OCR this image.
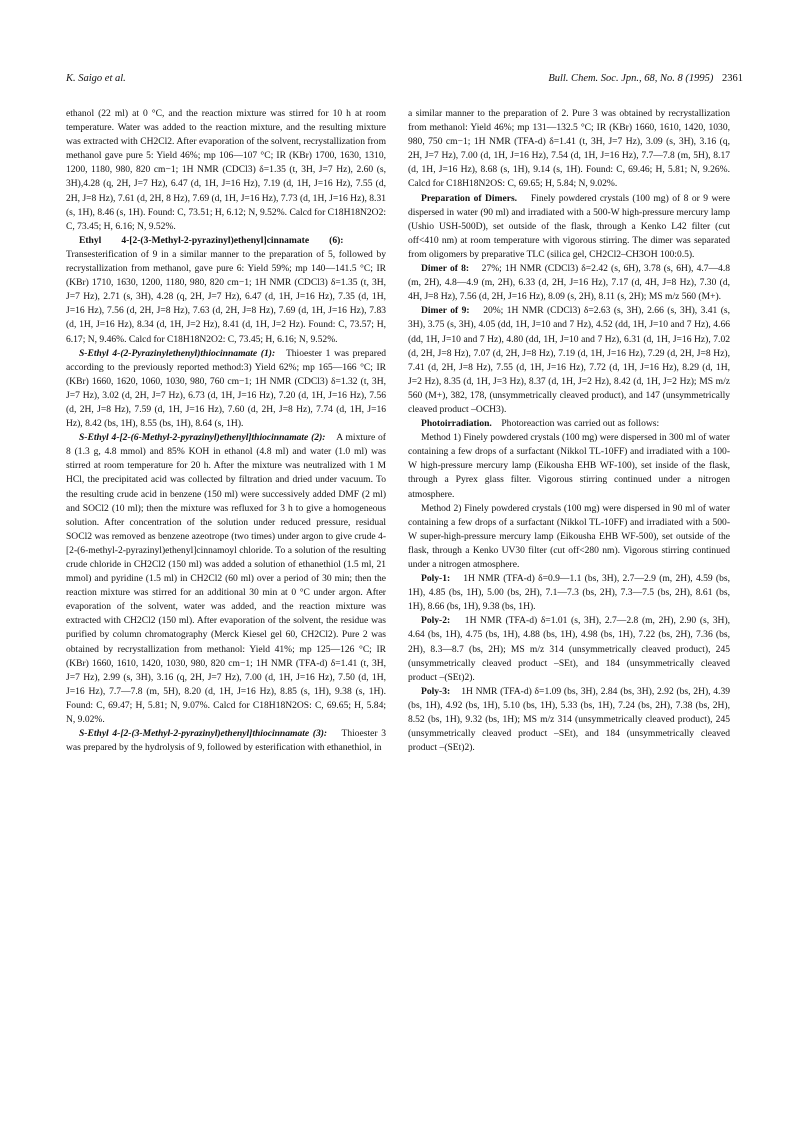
K. Saigo et al.	Bull. Chem. Soc. Jpn., 68, No. 8 (1995) 2361

ethanol (22 ml) at 0 °C, and the reaction mixture was stirred for 10 h at room temperature. Water was added to the reaction mixture, and the resulting mixture was extracted with CH2Cl2. After evaporation of the solvent, recrystallization from methanol gave pure 5: Yield 46%; mp 106—107 °C; IR (KBr) 1700, 1630, 1310, 1200, 1180, 980, 820 cm−1; 1H NMR (CDCl3) δ=1.35 (t, 3H, J=7 Hz), 2.60 (s, 3H),4.28 (q, 2H, J=7 Hz), 6.47 (d, 1H, J=16 Hz), 7.19 (d, 1H, J=16 Hz), 7.55 (d, 2H, J=8 Hz), 7.61 (d, 2H, 8 Hz), 7.69 (d, 1H, J=16 Hz), 7.73 (d, 1H, J=16 Hz), 8.31 (s, 1H), 8.46 (s, 1H). Found: C, 73.51; H, 6.12; N, 9.52%. Calcd for C18H18N2O2: C, 73.45; H, 6.16; N, 9.52%.

Ethyl 4-[2-(3-Methyl-2-pyrazinyl)ethenyl]cinnamate (6):    Transesterification of 9 in a similar manner to the preparation of 5, followed by recrystallization from methanol, gave pure 6: Yield 59%; mp 140—141.5 °C; IR (KBr) 1710, 1630, 1200, 1180, 980, 820 cm−1; 1H NMR (CDCl3) δ=1.35 (t, 3H, J=7 Hz), 2.71 (s, 3H), 4.28 (q, 2H, J=7 Hz), 6.47 (d, 1H, J=16 Hz), 7.35 (d, 1H, J=16 Hz), 7.56 (d, 2H, J=8 Hz), 7.63 (d, 2H, J=8 Hz), 7.69 (d, 1H, J=16 Hz), 7.83 (d, 1H, J=16 Hz), 8.34 (d, 1H, J=2 Hz), 8.41 (d, 1H, J=2 Hz). Found: C, 73.57; H, 6.17; N, 9.46%. Calcd for C18H18N2O2: C, 73.45; H, 6.16; N, 9.52%.

S-Ethyl 4-(2-Pyrazinylethenyl)thiocinnamate (1): Thioester 1 was prepared according to the previously reported method:3) Yield 62%; mp 165—166 °C; IR (KBr) 1660, 1620, 1060, 1030, 980, 760 cm−1; 1H NMR (CDCl3) δ=1.32 (t, 3H, J=7 Hz), 3.02 (d, 2H, J=7 Hz), 6.73 (d, 1H, J=16 Hz), 7.20 (d, 1H, J=16 Hz), 7.56 (d, 2H, J=8 Hz), 7.59 (d, 1H, J=16 Hz), 7.60 (d, 2H, J=8 Hz), 7.74 (d, 1H, J=16 Hz), 8.42 (bs, 1H), 8.55 (bs, 1H), 8.64 (s, 1H).

S-Ethyl 4-[2-(6-Methyl-2-pyrazinyl)ethenyl]thiocinnamate (2): A mixture of 8 (1.3 g, 4.8 mmol) and 85% KOH in ethanol (4.8 ml) and water (1.0 ml) was stirred at room temperature for 20 h. After the mixture was neutralized with 1 M HCl, the precipitated acid was collected by filtration and dried under vacuum. To the resulting crude acid in benzene (150 ml) were successively added DMF (2 ml) and SOCl2 (10 ml); then the mixture was refluxed for 3 h to give a homogeneous solution. After concentration of the solution under reduced pressure, residual SOCl2 was removed as benzene azeotrope (two times) under argon to give crude 4-[2-(6-methyl-2-pyrazinyl)ethenyl]cinnamoyl chloride. To a solution of the resulting crude chloride in CH2Cl2 (150 ml) was added a solution of ethanethiol (1.5 ml, 21 mmol) and pyridine (1.5 ml) in CH2Cl2 (60 ml) over a period of 30 min; then the reaction mixture was stirred for an additional 30 min at 0 °C under argon. After evaporation of the solvent, water was added, and the reaction mixture was extracted with CH2Cl2 (150 ml). After evaporation of the solvent, the residue was purified by column chromatography (Merck Kiesel gel 60, CH2Cl2). Pure 2 was obtained by recrystallization from methanol: Yield 41%; mp 125—126 °C; IR (KBr) 1660, 1610, 1420, 1030, 980, 820 cm−1; 1H NMR (TFA-d) δ=1.41 (t, 3H, J=7 Hz), 2.99 (s, 3H), 3.16 (q, 2H, J=7 Hz), 7.00 (d, 1H, J=16 Hz), 7.50 (d, 1H, J=16 Hz), 7.7—7.8 (m, 5H), 8.20 (d, 1H, J=16 Hz), 8.85 (s, 1H), 9.38 (s, 1H). Found: C, 69.47; H, 5.81; N, 9.07%. Calcd for C18H18N2OS: C, 69.65; H, 5.84; N, 9.02%.

S-Ethyl 4-[2-(3-Methyl-2-pyrazinyl)ethenyl]thiocinnamate (3): Thioester 3 was prepared by the hydrolysis of 9, followed by esterification with ethanethiol, in

a similar manner to the preparation of 2. Pure 3 was obtained by recrystallization from methanol: Yield 46%; mp 131—132.5 °C; IR (KBr) 1660, 1610, 1420, 1030, 980, 750 cm−1; 1H NMR (TFA-d) δ=1.41 (t, 3H, J=7 Hz), 3.09 (s, 3H), 3.16 (q, 2H, J=7 Hz), 7.00 (d, 1H, J=16 Hz), 7.54 (d, 1H, J=16 Hz), 7.7—7.8 (m, 5H), 8.17 (d, 1H, J=16 Hz), 8.68 (s, 1H), 9.14 (s, 1H). Found: C, 69.46; H, 5.81; N, 9.26%. Calcd for C18H18N2OS: C, 69.65; H, 5.84; N, 9.02%.

Preparation of Dimers. Finely powdered crystals (100 mg) of 8 or 9 were dispersed in water (90 ml) and irradiated with a 500-W high-pressure mercury lamp (Ushio USH-500D), set outside of the flask, through a Kenko L42 filter (cut off<410 nm) at room temperature with vigorous stirring. The dimer was separated from oligomers by preparative TLC (silica gel, CH2Cl2–CH3OH 100:0.5).

Dimer of 8: 27%; 1H NMR (CDCl3) δ=2.42 (s, 6H), 3.78 (s, 6H), 4.7—4.8 (m, 2H), 4.8—4.9 (m, 2H), 6.33 (d, 2H, J=16 Hz), 7.17 (d, 4H, J=8 Hz), 7.30 (d, 4H, J=8 Hz), 7.56 (d, 2H, J=16 Hz), 8.09 (s, 2H), 8.11 (s, 2H); MS m/z 560 (M+).

Dimer of 9: 20%; 1H NMR (CDCl3) δ=2.63 (s, 3H), 2.66 (s, 3H), 3.41 (s, 3H), 3.75 (s, 3H), 4.05 (dd, 1H, J=10 and 7 Hz), 4.52 (dd, 1H, J=10 and 7 Hz), 4.66 (dd, 1H, J=10 and 7 Hz), 4.80 (dd, 1H, J=10 and 7 Hz), 6.31 (d, 1H, J=16 Hz), 7.02 (d, 2H, J=8 Hz), 7.07 (d, 2H, J=8 Hz), 7.19 (d, 1H, J=16 Hz), 7.29 (d, 2H, J=8 Hz), 7.41 (d, 2H, J=8 Hz), 7.55 (d, 1H, J=16 Hz), 7.72 (d, 1H, J=16 Hz), 8.29 (d, 1H, J=2 Hz), 8.35 (d, 1H, J=3 Hz), 8.37 (d, 1H, J=2 Hz), 8.42 (d, 1H, J=2 Hz); MS m/z 560 (M+), 382, 178, (unsymmetrically cleaved product), and 147 (unsymmetrically cleaved product –OCH3).

Photoirradiation. Photoreaction was carried out as follows:

Method 1) Finely powdered crystals (100 mg) were dispersed in 300 ml of water containing a few drops of a surfactant (Nikkol TL-10FF) and irradiated with a 100-W high-pressure mercury lamp (Eikousha EHB WF-100), set inside of the flask, through a Pyrex glass filter. Vigorous stirring continued under a nitrogen atmosphere.

Method 2) Finely powdered crystals (100 mg) were dispersed in 90 ml of water containing a few drops of a surfactant (Nikkol TL-10FF) and irradiated with a 500-W super-high-pressure mercury lamp (Eikousha EHB WF-500), set outside of the flask, through a Kenko UV30 filter (cut off<280 nm). Vigorous stirring continued under a nitrogen atmosphere.

Poly-1: 1H NMR (TFA-d) δ=0.9—1.1 (bs, 3H), 2.7—2.9 (m, 2H), 4.59 (bs, 1H), 4.85 (bs, 1H), 5.00 (bs, 2H), 7.1—7.3 (bs, 2H), 7.3—7.5 (bs, 2H), 8.61 (bs, 1H), 8.66 (bs, 1H), 9.38 (bs, 1H).

Poly-2: 1H NMR (TFA-d) δ=1.01 (s, 3H), 2.7—2.8 (m, 2H), 2.90 (s, 3H), 4.64 (bs, 1H), 4.75 (bs, 1H), 4.88 (bs, 1H), 4.98 (bs, 1H), 7.22 (bs, 2H), 7.36 (bs, 2H), 8.3—8.7 (bs, 2H); MS m/z 314 (unsymmetrically cleaved product), 245 (unsymmetrically cleaved product –SEt), and 184 (unsymmetrically cleaved product –(SEt)2).

Poly-3: 1H NMR (TFA-d) δ=1.09 (bs, 3H), 2.84 (bs, 3H), 2.92 (bs, 2H), 4.39 (bs, 1H), 4.92 (bs, 1H), 5.10 (bs, 1H), 5.33 (bs, 1H), 7.24 (bs, 2H), 7.38 (bs, 2H), 8.52 (bs, 1H), 9.32 (bs, 1H); MS m/z 314 (unsymmetrically cleaved product), 245 (unsymmetrically cleaved product –SEt), and 184 (unsymmetrically cleaved product –(SEt)2).
